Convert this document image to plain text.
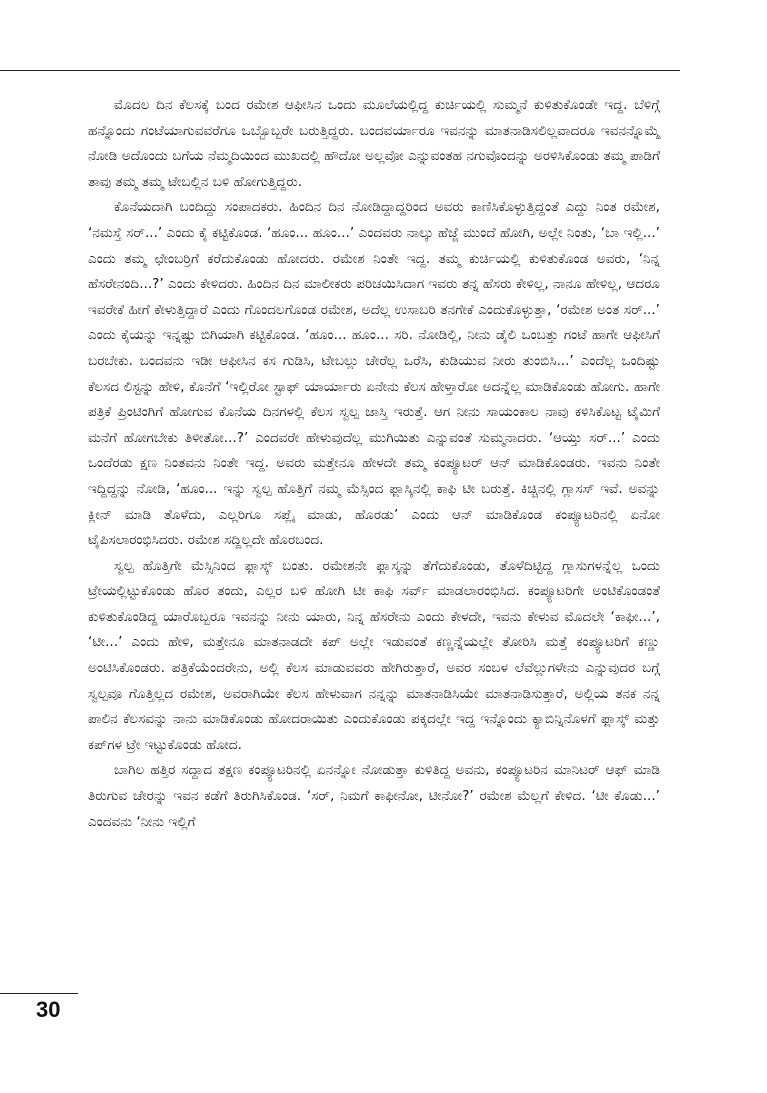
ಮೊದಲ ದಿನ ಕೆಲಸಕ್ಕೆ ಬಂದ ರಮೇಶ ಆಫೀಸಿನ ಒಂದು ಮೂಲೆಯಲ್ಲಿದ್ದ ಕುರ್ಚಿಯಲ್ಲಿ ಸುಮ್ಮನೆ ಕುಳಿತುಕೊಂಡೇ ಇದ್ದ. ಬೆಳಿಗ್ಗೆ ಹನ್ನೊಂದು ಗಂಟೆಯಾಗುವವರೆಗೂ ಒಬ್ಬೊಬ್ಬರೇ ಬರುತ್ತಿದ್ದರು. ಬಂದವರ್ಯಾರೂ ಇವನನ್ನು ಮಾತನಾಡಿಸಲಿಲ್ಲವಾದರೂ ಇವನನ್ನೊಮ್ಮೆ ನೋಡಿ ಅದೊಂದು ಬಗೆಯ ನೆಮ್ಮದಿಯಿಂದ ಮುಖದಲ್ಲಿ ಹೌದೋ ಅಲ್ಲವೋ ಎನ್ನುವಂತಹ ನಗುವೊಂದನ್ನು ಅರಳಿಸಿಕೊಂಡು ತಮ್ಮ ಪಾಡಿಗೆ ತಾವು ತಮ್ಮ ತಮ್ಮ ಟೇಬಲ್ಲಿನ ಬಳಿ ಹೋಗುತ್ತಿದ್ದರು.

ಕೊನೆಯದಾಗಿ ಬಂದಿದ್ದು ಸಂಪಾದಕರು. ಹಿಂದಿನ ದಿನ ನೋಡಿದ್ದಾದ್ದರಿಂದ ಅವರು ಕಾಣಿಸಿಕೊಳ್ಳುತ್ತಿದ್ದಂತೆ ಎದ್ದು ನಿಂತ ರಮೇಶ, ‘ನಮಸ್ತೆ ಸರ್...’ ಎಂದು ಕೈ ಕಟ್ಟಿಕೊಂಡ. ‘ಹೂಂ... ಹೂಂ...’ ಎಂದವರು ನಾಲ್ಕು ಹೆಜ್ಜೆ ಮುಂದೆ ಹೋಗಿ, ಅಲ್ಲೇ ನಿಂತು, ‘ಬಾ ಇಲ್ಲಿ...’ ಎಂದು ತಮ್ಮ ಛೇಂಬರ್ರಿಗೆ ಕರೆದುಕೊಂಡು ಹೋದರು. ರಮೇಶ ನಿಂತೇ ಇದ್ದ. ತಮ್ಮ ಕುರ್ಚಿಯಲ್ಲಿ ಕುಳಿತುಕೊಂಡ ಅವರು, ‘ನಿನ್ನ ಹೆಸರೇನಂದಿ...?’ ಎಂದು ಕೇಳಿದರು. ಹಿಂದಿನ ದಿನ ಮಾಲೀಕರು ಪರಿಚಯಿಸಿದಾಗ ಇವರು ತನ್ನ ಹೆಸರು ಕೇಳಿಲ್ಲ, ನಾನೂ ಹೇಳಿಲ್ಲ, ಆದರೂ ಇವರೇಕೆ ಹೀಗೆ ಕೇಳುತ್ತಿದ್ದಾರೆ ಎಂದು ಗೊಂದಲಗೊಂಡ ರಮೇಶ, ಅದೆಲ್ಲ ಉಸಾಬರಿ ತನಗೇಕೆ ಎಂದುಕೊಳ್ಳುತ್ತಾ, ‘ರಮೇಶ ಅಂತ ಸರ್...’ ಎಂದು ಕೈಯನ್ನು ಇನ್ನಷ್ಟು ಬಿಗಿಯಾಗಿ ಕಟ್ಟಿಕೊಂಡ. ‘ಹೂಂ... ಹೂಂ... ಸರಿ. ನೋಡಿಲ್ಲಿ, ನೀನು ಡೈಲಿ ಒಂಬತ್ತು ಗಂಟೆ ಹಾಗೇ ಆಫೀಸಿಗೆ ಬರಬೇಕು. ಬಂದವನು ಇಡೀ ಆಫೀಸಿನ ಕಸ ಗುಡಿಸಿ, ಟೇಬಲ್ಲು ಚೇರೆಲ್ಲ ಒರೆಸಿ, ಕುಡಿಯುವ ನೀರು ತುಂಬಿಸಿ...’ ಎಂದೆಲ್ಲ ಒಂದಿಷ್ಟು ಕೆಲಸದ ಲಿಸ್ಟನ್ನು ಹೇಳಿ, ಕೊನೆಗೆ ‘ಇಲ್ಲಿರೋ ಸ್ಟಾಫ್ ಯಾರ್ಯಾರು ಏನೇನು ಕೆಲಸ ಹೇಳ್ತಾರೋ ಅದನ್ನೆಲ್ಲ ಮಾಡಿಕೊಂಡು ಹೋಗು. ಹಾಗೇ ಪತ್ರಿಕೆ ಪ್ರಿಂಟಿಂಗಿಗೆ ಹೋಗುವ ಕೊನೆಯ ದಿನಗಳಲ್ಲಿ ಕೆಲಸ ಸ್ವಲ್ಪ ಜಾಸ್ತಿ ಇರುತ್ತೆ. ಆಗ ನೀನು ಸಾಯಂಕಾಲ ನಾವು ಕಳಿಸಿಕೊಟ್ಟ ಟೈಮಿಗೆ ಮನೆಗೆ ಹೋಗಬೇಕು ತಿಳೀತೋ...?’ ಎಂದವರೇ ಹೇಳುವುದೆಲ್ಲ ಮುಗಿಯಿತು ಎನ್ನುವಂತೆ ಸುಮ್ಮನಾದರು. ‘ಆಯ್ತು ಸರ್...’ ಎಂದು ಒಂದೆರಡು ಕ್ಷಣ ನಿಂತವನು ನಿಂತೇ ಇದ್ದ. ಅವರು ಮತ್ತೇನೂ ಹೇಳದೇ ತಮ್ಮ ಕಂಪ್ಯೂಟರ್ ಆನ್ ಮಾಡಿಕೊಂಡರು. ಇವನು ನಿಂತೇ ಇದ್ದಿದ್ದನ್ನು ನೋಡಿ, ‘ಹೂಂ... ಇನ್ನು ಸ್ವಲ್ಪ ಹೊತ್ತಿಗೆ ನಮ್ಮ ಮೆಸ್ಸಿಂದ ಫ್ಲಾಸ್ಕಿನಲ್ಲಿ ಕಾಫಿ ಟೀ ಬರುತ್ತೆ. ಕಿಚ್ಚಿನಲ್ಲಿ ಗ್ಲಾಸಸ್ ಇವೆ. ಅವನ್ನು ಕ್ಲೀನ್ ಮಾಡಿ ತೊಳೆದು, ಎಲ್ಲರಿಗೂ ಸಪ್ಲೈ ಮಾಡು, ಹೊರಡು’ ಎಂದು ಆನ್ ಮಾಡಿಕೊಂಡ ಕಂಪ್ಯೂಟರಿನಲ್ಲಿ ಏನೋ ಟೈಪಿಸಲಾರಂಭಿಸಿದರು. ರಮೇಶ ಸದ್ದಿಲ್ಲದೇ ಹೊರಬಂದ.

ಸ್ವಲ್ಪ ಹೊತ್ತಿಗೇ ಮೆಸ್ಸಿನಿಂದ ಫ್ಲಾಸ್ಕ್ ಬಂತು. ರಮೇಶನೇ ಫ್ಲಾಸ್ಕನ್ನು ತೆಗೆದುಕೊಂಡು, ತೊಳೆದಿಟ್ಟಿದ್ದ ಗ್ಲಾಸುಗಳನ್ನೆಲ್ಲ ಒಂದು ಟ್ರೇಯಲ್ಲಿಟ್ಟುಕೊಂಡು ಹೊರ ತಂದು, ಎಲ್ಲರ ಬಳಿ ಹೋಗಿ ಟೀ ಕಾಫಿ ಸರ್ವ್ ಮಾಡಲಾರಂಭಿಸಿದ. ಕಂಪ್ಯೂಟರಿಗೇ ಅಂಟಿಕೊಂಡಂತೆ ಕುಳಿತುಕೊಂಡಿದ್ದ ಯಾರೊಬ್ಬರೂ ಇವನನ್ನು ನೀನು ಯಾರು, ನಿನ್ನ ಹೆಸರೇನು ಎಂದು ಕೇಳದೇ, ಇವನು ಕೇಳುವ ಮೊದಲೇ ‘ಕಾಫೀ...’, ‘ಟೀ...’ ಎಂದು ಹೇಳಿ, ಮತ್ತೇನೂ ಮಾತನಾಡದೇ ಕಪ್ ಅಲ್ಲೇ ಇಡುವಂತೆ ಕಣ್ಣನ್ನೆಯಲ್ಲೇ ತೋರಿಸಿ ಮತ್ತೆ ಕಂಪ್ಯೂಟರಿಗೆ ಕಣ್ಣು ಅಂಟಿಸಿಕೊಂಡರು. ಪತ್ರಿಕೆಯೆಂದರೇನು, ಅಲ್ಲಿ ಕೆಲಸ ಮಾಡುವವರು ಹೇಗಿರುತ್ತಾರೆ, ಅವರ ಸಂಬಳ ಲೆವೆಲ್ಲುಗಳೇನು ಎನ್ನುವುದರ ಬಗ್ಗೆ ಸ್ವಲ್ಪವೂ ಗೊತ್ತಿಲ್ಲದ ರಮೇಶ, ಅವರಾಗಿಯೇ ಕೆಲಸ ಹೇಳುವಾಗ ನನ್ನನ್ನು ಮಾತನಾಡಿಸಿಯೇ ಮಾತನಾಡಿಸುತ್ತಾರೆ, ಅಲ್ಲಿಯ ತನಕ ನನ್ನ ಪಾಲಿನ ಕೆಲಸವನ್ನು ನಾನು ಮಾಡಿಕೊಂಡು ಹೋದರಾಯಿತು ಎಂದುಕೊಂಡು ಪಕ್ಕದಲ್ಲೇ ಇದ್ದ ಇನ್ನೊಂದು ಕ್ಯಾಬಿನ್ನಿನೊಳಗೆ ಫ್ಲಾಸ್ಕ್ ಮತ್ತು ಕಪ್‌ಗಳ ಟ್ರೇ ಇಟ್ಟುಕೊಂಡು ಹೋದ.

ಬಾಗಿಲ ಹತ್ತಿರ ಸದ್ದಾದ ತಕ್ಷಣ ಕಂಪ್ಯೂಟರಿನಲ್ಲಿ ಏನನ್ನೋ ನೋಡುತ್ತಾ ಕುಳಿತಿದ್ದ ಅವನು, ಕಂಪ್ಯೂಟರಿನ ಮಾನಿಟರ್ ಆಫ್ ಮಾಡಿ ತಿರುಗುವ ಚೇರನ್ನು ಇವನ ಕಡೆಗೆ ತಿರುಗಿಸಿಕೊಂಡ. ‘ಸರ್, ನಿಮಗೆ ಕಾಫೀನೋ, ಟೀನೋ?’ ರಮೇಶ ಮೆಲ್ಲಗೆ ಕೇಳಿದ. ‘ಟೀ ಕೊಡು...’ ಎಂದವನು ‘ನೀನು ಇಲ್ಲಿಗೆ

30
